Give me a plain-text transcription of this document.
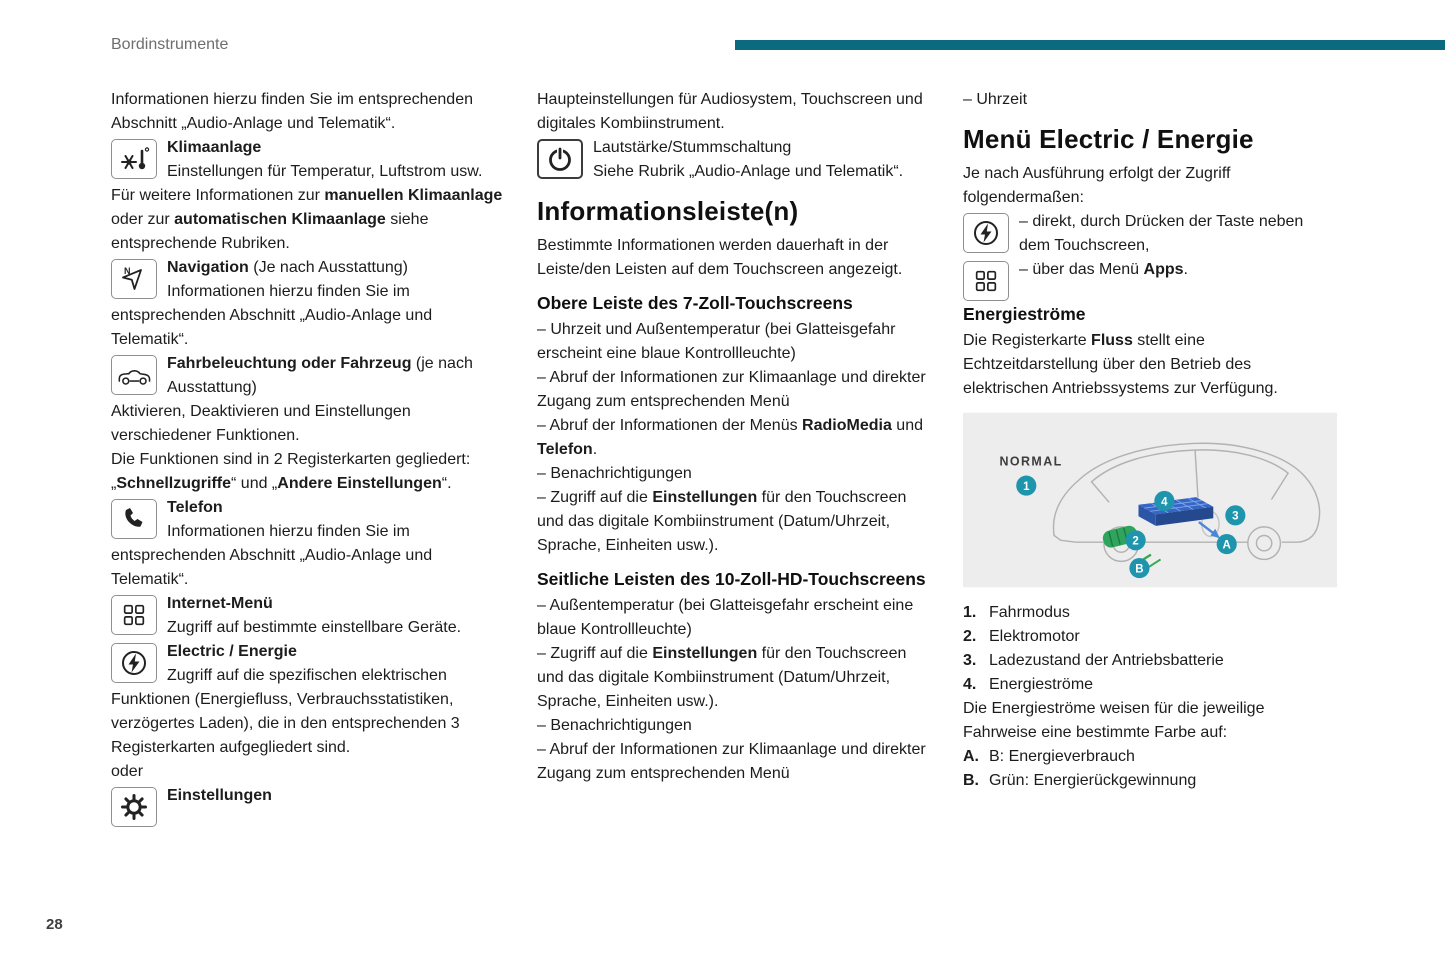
Bordinstrumente
28

Informationen hierzu finden Sie im entsprechenden Abschnitt „Audio-Anlage und Telematik“.

Klimaanlage
Einstellungen für Temperatur, Luftstrom usw.

Für weitere Informationen zur manuellen Klimaanlage oder zur automatischen Klimaanlage siehe entsprechende Rubriken.

N	Navigation (Je nach Ausstattung)
Informationen hierzu finden Sie im entsprechenden Abschnitt „Audio-Anlage und Telematik“.

Fahrbeleuchtung oder Fahrzeug (je nach Ausstattung)

Aktivieren, Deaktivieren und Einstellungen verschiedener Funktionen.

Die Funktionen sind in 2 Registerkarten gegliedert: „Schnellzugriffe“ und „Andere Einstellungen“.

Telefon
Informationen hierzu finden Sie im entsprechenden Abschnitt „Audio-Anlage und Telematik“.

Internet-Menü
Zugriff auf bestimmte einstellbare Geräte.

Electric / Energie
Zugriff auf die spezifischen elektrischen Funktionen (Energiefluss, Verbrauchsstatistiken, verzögertes Laden), die in den entsprechenden 3 Registerkarten aufgegliedert sind.

oder

Einstellungen

Haupteinstellungen für Audiosystem, Touchscreen und digitales Kombiinstrument.

Lautstärke/Stummschaltung
Siehe Rubrik „Audio-Anlage und Telematik“.

Informationsleiste(n)

Bestimmte Informationen werden dauerhaft in der Leiste/den Leisten auf dem Touchscreen angezeigt.

Obere Leiste des 7-Zoll-Touchscreens

– Uhrzeit und Außentemperatur (bei Glatteisgefahr erscheint eine blaue Kontrollleuchte)

– Abruf der Informationen zur Klimaanlage und direkter Zugang zum entsprechenden Menü

– Abruf der Informationen der Menüs RadioMedia und Telefon.

– Benachrichtigungen

– Zugriff auf die Einstellungen für den Touchscreen und das digitale Kombiinstrument (Datum/Uhrzeit, Sprache, Einheiten usw.).

Seitliche Leisten des 10-Zoll-HD-Touchscreens

– Außentemperatur (bei Glatteisgefahr erscheint eine blaue Kontrollleuchte)

– Zugriff auf die Einstellungen für den Touchscreen und das digitale Kombiinstrument (Datum/Uhrzeit, Sprache, Einheiten usw.).

– Benachrichtigungen

– Abruf der Informationen zur Klimaanlage und direkter Zugang zum entsprechenden Menü

– Uhrzeit

Menü Electric / Energie

Je nach Ausführung erfolgt der Zugriff folgendermaßen:

– direkt, durch Drücken der Taste neben dem Touchscreen,

– über das Menü Apps.

Energieströme

Die Registerkarte Fluss stellt eine Echtzeitdarstellung über den Betrieb des elektrischen Antriebssystems zur Verfügung.

NORMAL
1
4
3
2	A
B
1. Fahrmodus
2. Elektromotor
3. Ladezustand der Antriebsbatterie
4. Energieströme

Die Energieströme weisen für die jeweilige Fahrweise eine bestimmte Farbe auf:

A. B: Energieverbrauch
B. Grün: Energierückgewinnung
